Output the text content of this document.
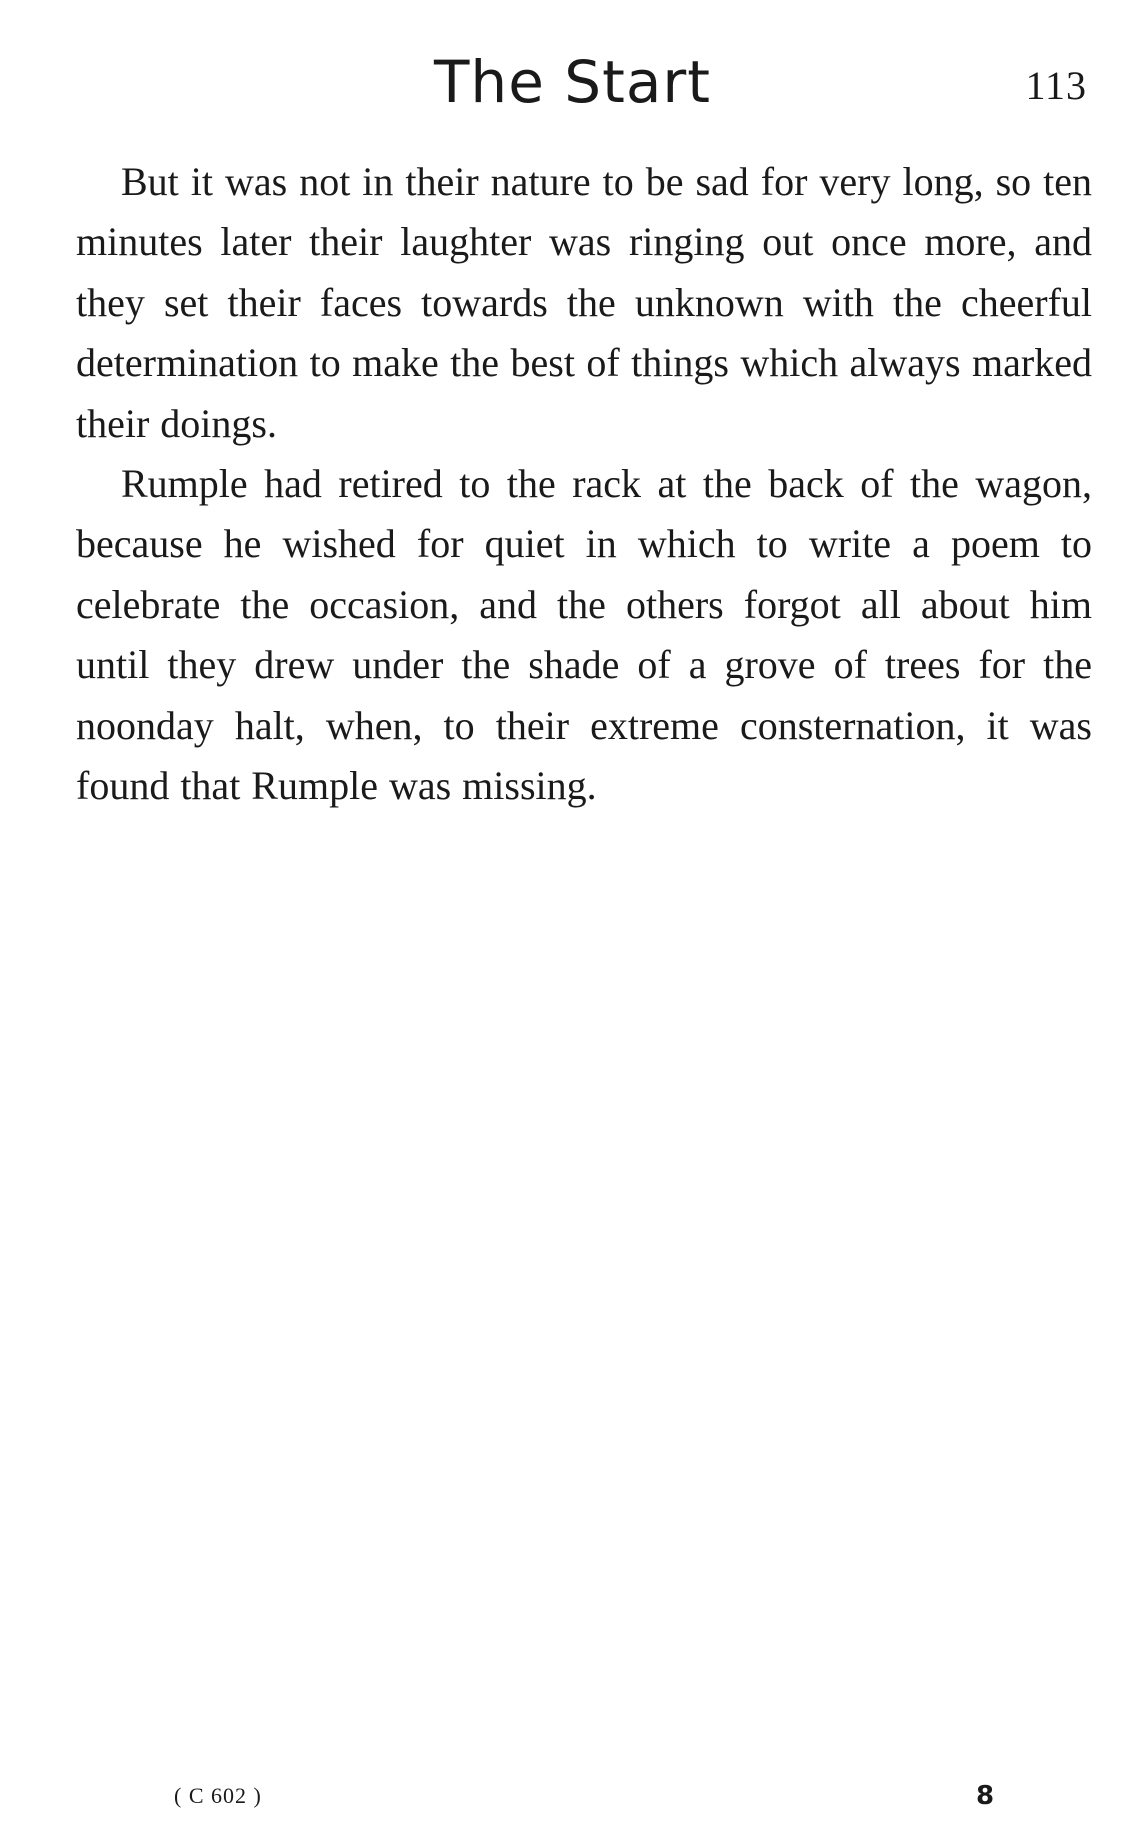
The Start	113

But it was not in their nature to be sad for very long, so ten minutes later their laughter was ringing out once more, and they set their faces towards the unknown with the cheerful determination to make the best of things which always marked their doings.

Rumple had retired to the rack at the back of the wagon, because he wished for quiet in which to write a poem to celebrate the occasion, and the others forgot all about him until they drew under the shade of a grove of trees for the noonday halt, when, to their extreme consternation, it was found that Rumple was missing.

( C 602 )	8
